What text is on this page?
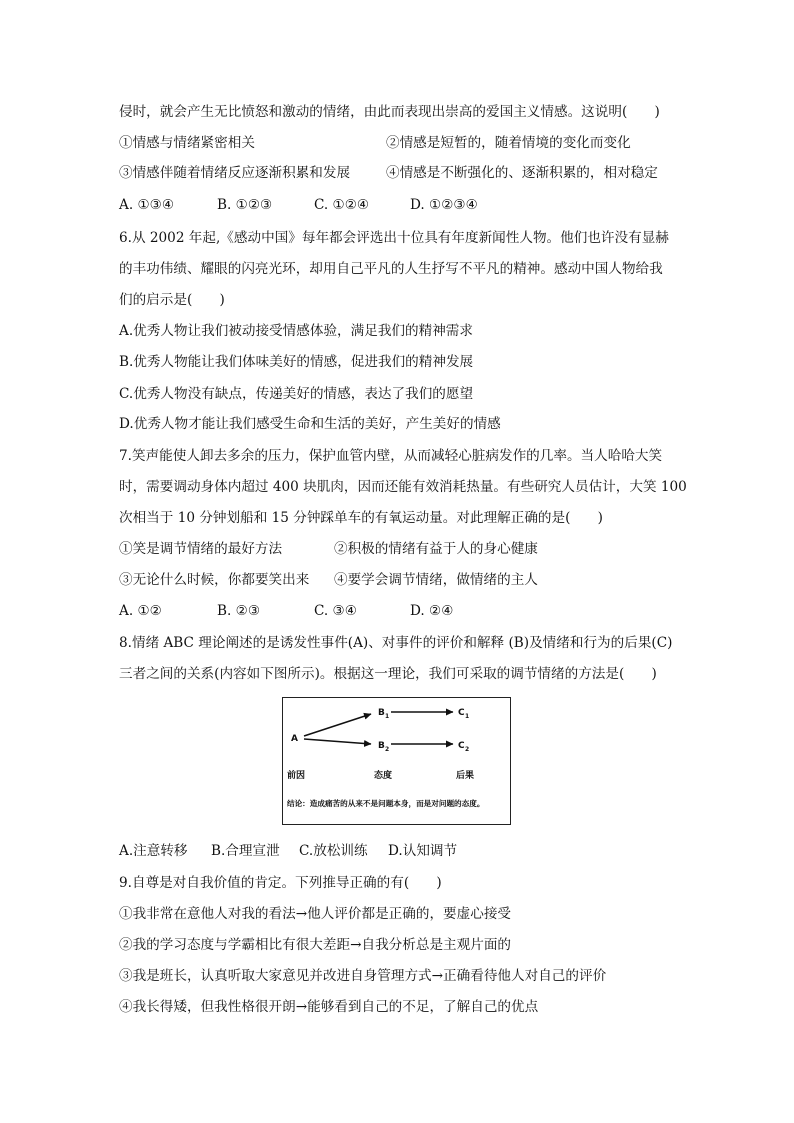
侵时，就会产生无比愤怒和激动的情绪，由此而表现出崇高的爱国主义情感。这说明(　　)
①情感与情绪紧密相关	②情感是短暂的，随着情境的变化而变化
③情感伴随着情绪反应逐渐积累和发展	④情感是不断强化的、逐渐积累的，相对稳定
A. ①③④	B. ①②③	C. ①②④	D. ①②③④
6.从 2002 年起,《感动中国》每年都会评选出十位具有年度新闻性人物。他们也许没有显赫
的丰功伟绩、耀眼的闪亮光环，却用自己平凡的人生抒写不平凡的精神。感动中国人物给我
们的启示是(　　)
A.优秀人物让我们被动接受情感体验，满足我们的精神需求
B.优秀人物能让我们体味美好的情感，促进我们的精神发展
C.优秀人物没有缺点，传递美好的情感，表达了我们的愿望
D.优秀人物才能让我们感受生命和生活的美好，产生美好的情感
7.笑声能使人卸去多余的压力，保护血管内壁，从而减轻心脏病发作的几率。当人哈哈大笑
时，需要调动身体内超过 400 块肌肉，因而还能有效消耗热量。有些研究人员估计，大笑 100
次相当于 10 分钟划船和 15 分钟踩单车的有氧运动量。对此理解正确的是(　　)
①笑是调节情绪的最好方法	②积极的情绪有益于人的身心健康
③无论什么时候，你都要笑出来 ④要学会调节情绪，做情绪的主人
A. ①②	B. ②③	C. ③④	D. ②④
8.情绪 ABC 理论阐述的是诱发性事件(A)、对事件的评价和解释 (B)及情绪和行为的后果(C)
三者之间的关系(内容如下图所示)。根据这一理论，我们可采取的调节情绪的方法是(　　)
A
B 1
B 2
C 1
C 2
前因	态度	后果
结论：造成痛苦的从来不是问题本身，而是对问题的态度。
A.注意转移 B.合理宣泄 C.放松训练 D.认知调节
9.自尊是对自我价值的肯定。下列推导正确的有(　　)
①我非常在意他人对我的看法→他人评价都是正确的，要虚心接受
②我的学习态度与学霸相比有很大差距→自我分析总是主观片面的
③我是班长，认真听取大家意见并改进自身管理方式→正确看待他人对自己的评价
④我长得矮，但我性格很开朗→能够看到自己的不足，了解自己的优点
